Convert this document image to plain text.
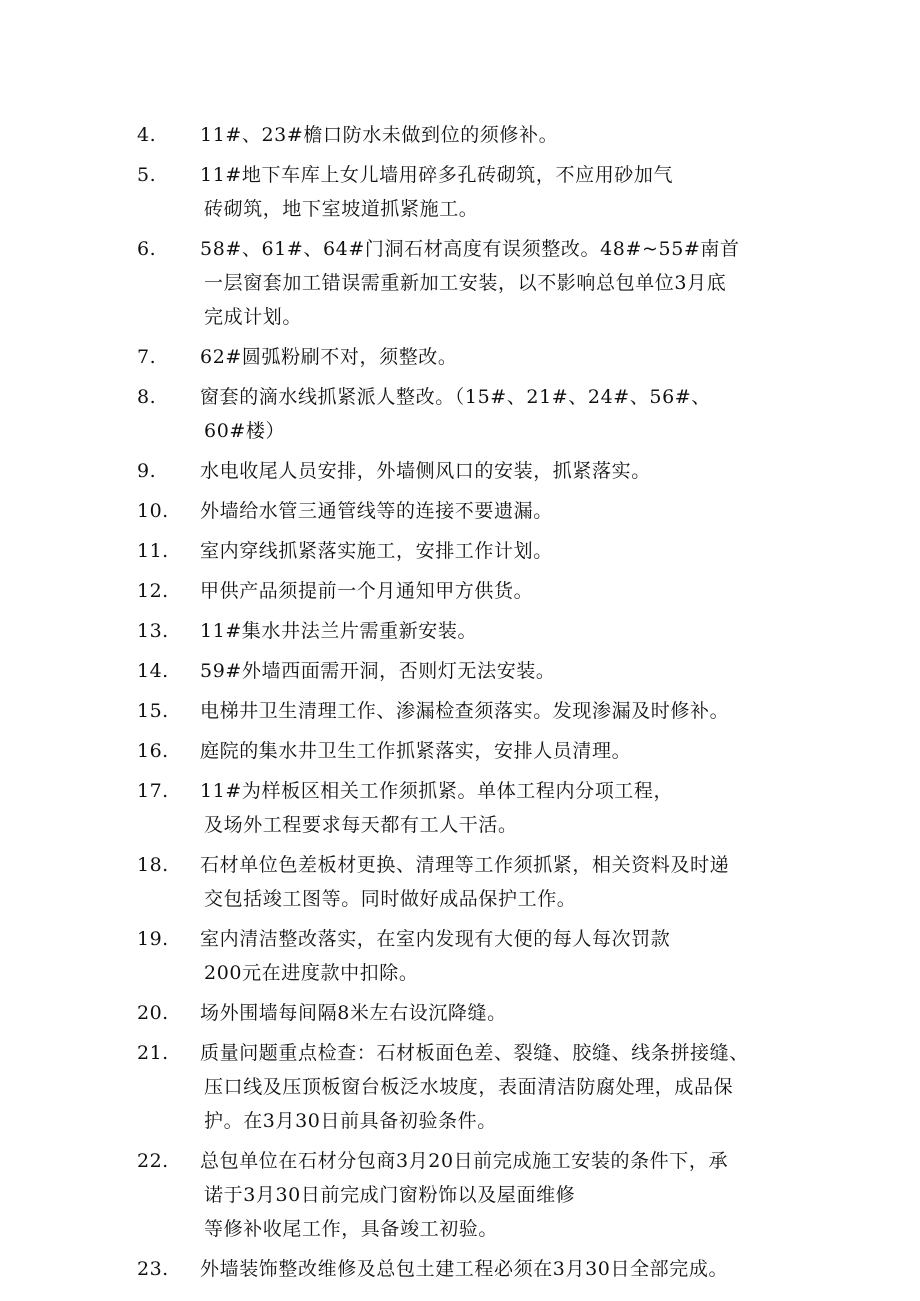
4. 11#、23#檐口防水未做到位的须修补。
5. 11#地下车库上女儿墙用碎多孔砖砌筑，不应用砂加气
砖砌筑，地下室坡道抓紧施工。
6. 58#、61#、64#门洞石材高度有误须整改。48#~55#南首
一层窗套加工错误需重新加工安装，以不影响总包单位3月底
完成计划。
7. 62#圆弧粉刷不对，须整改。
8. 窗套的滴水线抓紧派人整改。（15#、21#、24#、56#、
60#楼）
9. 水电收尾人员安排，外墙侧风口的安装，抓紧落实。
10. 外墙给水管三通管线等的连接不要遗漏。
11. 室内穿线抓紧落实施工，安排工作计划。
12. 甲供产品须提前一个月通知甲方供货。
13. 11#集水井法兰片需重新安装。
14. 59#外墙西面需开洞，否则灯无法安装。
15. 电梯井卫生清理工作、渗漏检查须落实。发现渗漏及时修补。
16. 庭院的集水井卫生工作抓紧落实，安排人员清理。
17. 11#为样板区相关工作须抓紧。单体工程内分项工程，
及场外工程要求每天都有工人干活。
18. 石材单位色差板材更换、清理等工作须抓紧，相关资料及时递
交包括竣工图等。同时做好成品保护工作。
19. 室内清洁整改落实，在室内发现有大便的每人每次罚款
200元在进度款中扣除。
20. 场外围墙每间隔8米左右设沉降缝。
21. 质量问题重点检查：石材板面色差、裂缝、胶缝、线条拼接缝、
压口线及压顶板窗台板泛水坡度，表面清洁防腐处理，成品保
护。在3月30日前具备初验条件。
22. 总包单位在石材分包商3月20日前完成施工安装的条件下，承
诺于3月30日前完成门窗粉饰以及屋面维修
等修补收尾工作，具备竣工初验。
23. 外墙装饰整改维修及总包土建工程必须在3月30日全部完成。
